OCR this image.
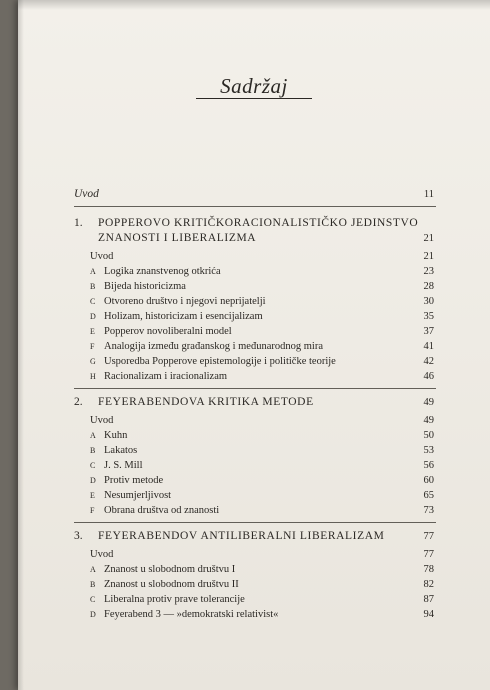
Sadržaj
Uvod	11
1. POPPEROVO KRITIČKORACIONALISTIČKO JEDINSTVO
ZNANOSTI I LIBERALIZMA	21
Uvod	21
A Logika znanstvenog otkrića	23
B Bijeda historicizma	28
C Otvoreno društvo i njegovi neprijatelji	30
D Holizam, historicizam i esencijalizam	35
E Popperov novoliberalni model	37
F Analogija između građanskog i međunarodnog mira	41
G Usporedba Popperove epistemologije i političke teorije	42
H Racionalizam i iracionalizam	46
2. FEYERABENDOVA KRITIKA METODE	49
Uvod	49
A Kuhn	50
B Lakatos	53
C J. S. Mill	56
D Protiv metode	60
E Nesumjerljivost	65
F Obrana društva od znanosti	73
3. FEYERABENDOV ANTILIBERALNI LIBERALIZAM	77
Uvod	77
A Znanost u slobodnom društvu I	78
B Znanost u slobodnom društvu II	82
C Liberalna protiv prave tolerancije	87
D Feyerabend 3 — »demokratski relativist«	94
